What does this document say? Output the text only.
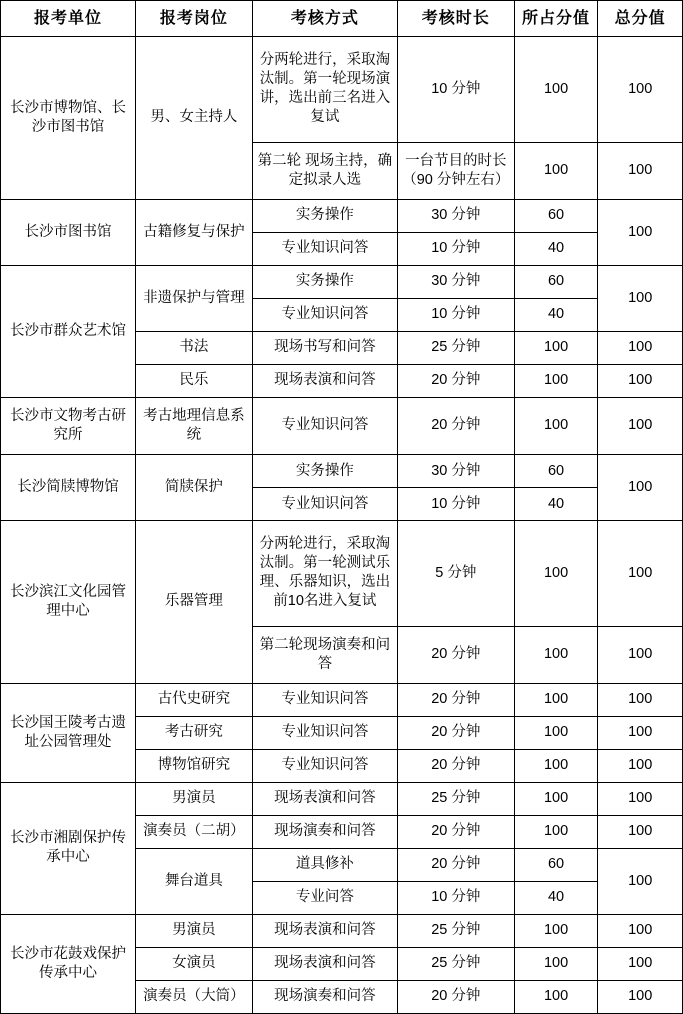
报考单位	报考岗位	考核方式	考核时长	所占分值	总分值
长沙市博物馆、长沙市图书馆	男、女主持人	分两轮进行，采取淘汰制。第一轮现场演讲，选出前三名进入复试	10 分钟	100	100
		第二轮 现场主持，确定拟录人选	一台节目的时长（90 分钟左右）	100	100
长沙市图书馆	古籍修复与保护	实务操作	30 分钟	60	100
		专业知识问答	10 分钟	40	
长沙市群众艺术馆	非遗保护与管理	实务操作	30 分钟	60	100
		专业知识问答	10 分钟	40	
	书法	现场书写和问答	25 分钟	100	100
	民乐	现场表演和问答	20 分钟	100	100
长沙市文物考古研究所	考古地理信息系统	专业知识问答	20 分钟	100	100
长沙简牍博物馆	简牍保护	实务操作	30 分钟	60	100
		专业知识问答	10 分钟	40	
长沙滨江文化园管理中心	乐器管理	分两轮进行，采取淘汰制。第一轮测试乐理、乐器知识，选出前10名进入复试	5 分钟	100	100
		第二轮现场演奏和问答	20 分钟	100	100
长沙国王陵考古遗址公园管理处	古代史研究	专业知识问答	20 分钟	100	100
	考古研究	专业知识问答	20 分钟	100	100
	博物馆研究	专业知识问答	20 分钟	100	100
长沙市湘剧保护传承中心	男演员	现场表演和问答	25 分钟	100	100
	演奏员（二胡）	现场演奏和问答	20 分钟	100	100
	舞台道具	道具修补	20 分钟	60	100
		专业问答	10 分钟	40	
长沙市花鼓戏保护传承中心	男演员	现场表演和问答	25 分钟	100	100
	女演员	现场表演和问答	25 分钟	100	100
	演奏员（大筒）	现场演奏和问答	20 分钟	100	100
